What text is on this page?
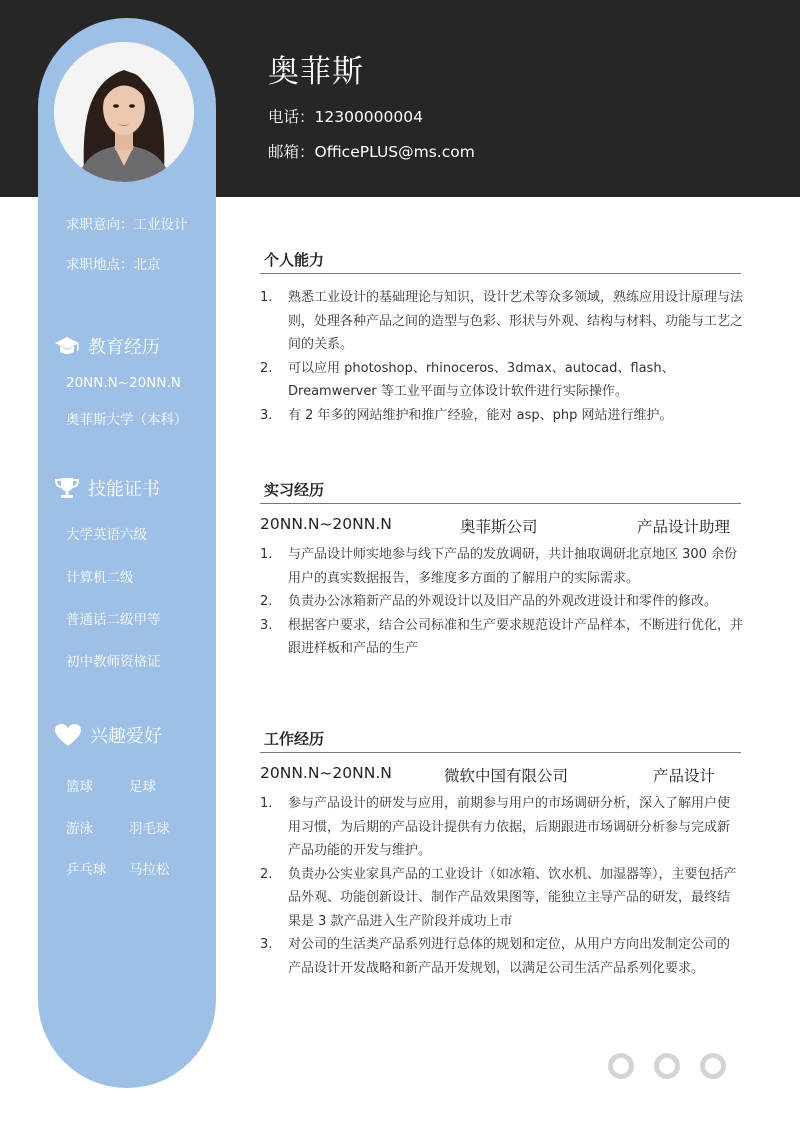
奥菲斯
电话：12300000004
邮箱：OfficePLUS@ms.com
求职意向：工业设计
求职地点：北京
教育经历
20NN.N~20NN.N
奥菲斯大学（本科）
技能证书
大学英语六级
计算机二级
普通话二级甲等
初中教师资格证
兴趣爱好
篮球	足球
游泳	羽毛球
乒乓球 马拉松
个人能力
1. 熟悉工业设计的基础理论与知识，设计艺术等众多领域，熟练应用设计原理与法则，处理各种产品之间的造型与色彩、形状与外观、结构与材料、功能与工艺之间的关系。
2. 可以应用 photoshop、rhinoceros、3dmax、autocad、flash、Dreamwerver 等工业平面与立体设计软件进行实际操作。
3. 有 2 年多的网站维护和推广经验，能对 asp、php 网站进行维护。
实习经历
20NN.N~20NN.N	奥菲斯公司	产品设计助理
1. 与产品设计师实地参与线下产品的发放调研，共计抽取调研北京地区 300 余份用户的真实数据报告，多维度多方面的了解用户的实际需求。
2. 负责办公冰箱新产品的外观设计以及旧产品的外观改进设计和零件的修改。
3. 根据客户要求，结合公司标准和生产要求规范设计产品样本，不断进行优化，并跟进样板和产品的生产
工作经历
20NN.N~20NN.N	微软中国有限公司	产品设计
1. 参与产品设计的研发与应用，前期参与用户的市场调研分析，深入了解用户使用习惯，为后期的产品设计提供有力依据，后期跟进市场调研分析参与完成新产品功能的开发与维护。
2. 负责办公实业家具产品的工业设计（如冰箱、饮水机、加湿器等），主要包括产品外观、功能创新设计、制作产品效果图等，能独立主导产品的研发，最终结果是 3 款产品进入生产阶段并成功上市
3. 对公司的生活类产品系列进行总体的规划和定位，从用户方向出发制定公司的产品设计开发战略和新产品开发规划，以满足公司生活产品系列化要求。
